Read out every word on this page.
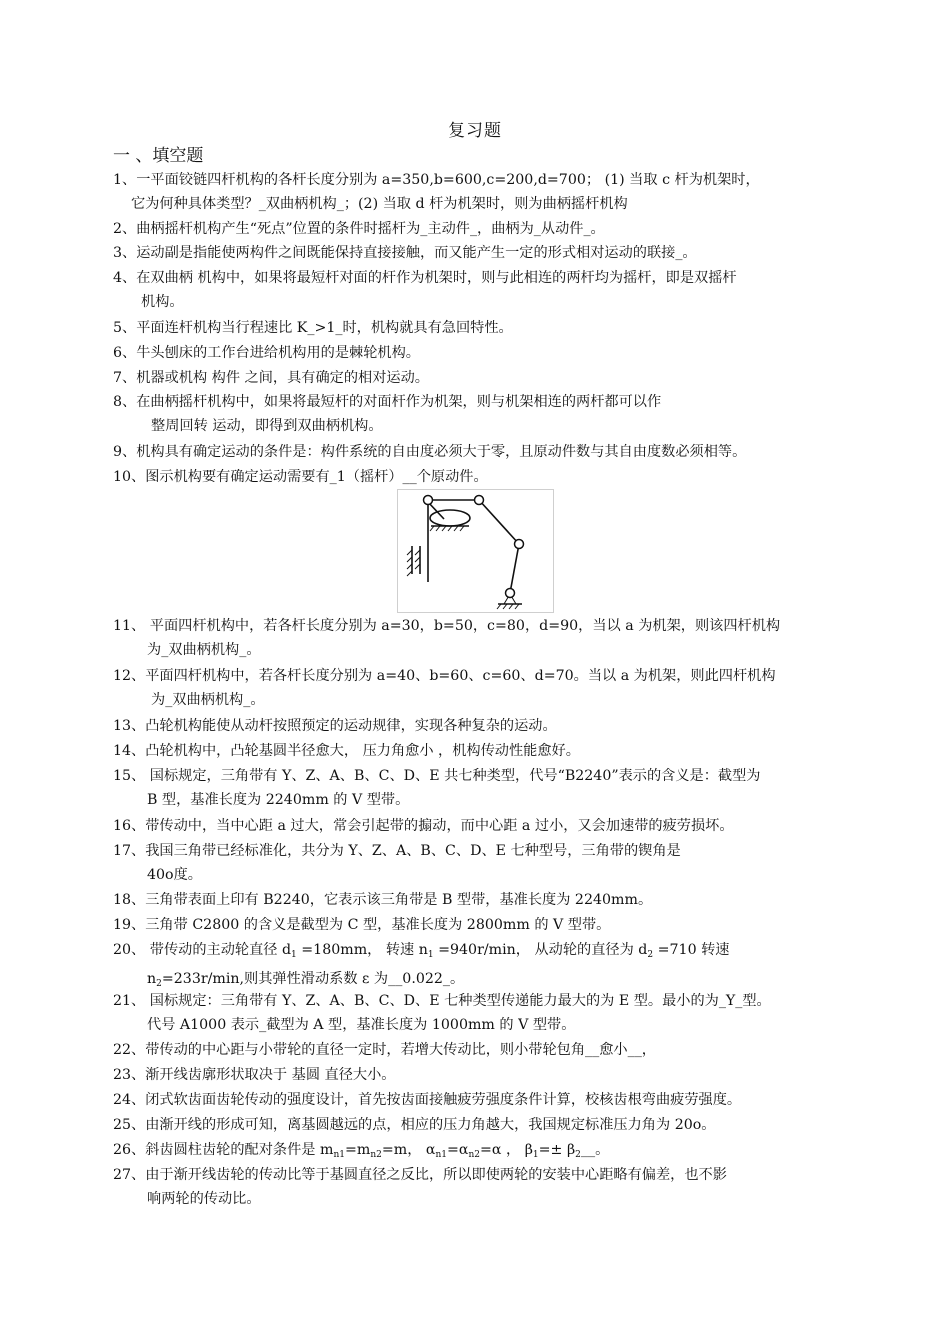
复习题
一 、填空题
1、一平面铰链四杆机构的各杆长度分别为 a=350,b=600,c=200,d=700； (1) 当取 c 杆为机架时，
它为何种具体类型？_双曲柄机构_；(2) 当取 d 杆为机架时，则为曲柄摇杆机构
2、曲柄摇杆机构产生“死点”位置的条件时摇杆为_主动件_，曲柄为_从动件_。
3、运动副是指能使两构件之间既能保持直接接触，而又能产生一定的形式相对运动的联接_。
4、在双曲柄 机构中，如果将最短杆对面的杆作为机架时，则与此相连的两杆均为摇杆，即是双摇杆
机构。
5、平面连杆机构当行程速比 K_>1_时，机构就具有急回特性。
6、牛头刨床的工作台进给机构用的是棘轮机构。
7、机器或机构 构件 之间，具有确定的相对运动。
8、在曲柄摇杆机构中，如果将最短杆的对面杆作为机架，则与机架相连的两杆都可以作
整周回转 运动，即得到双曲柄机构。
9、机构具有确定运动的条件是：构件系统的自由度必须大于零，且原动件数与其自由度数必须相等。
10、图示机构要有确定运动需要有_1（摇杆）__个原动件。
11、 平面四杆机构中，若各杆长度分别为 a=30，b=50，c=80，d=90，当以 a 为机架，则该四杆机构
为_双曲柄机构_。
12、平面四杆机构中，若各杆长度分别为 a=40、b=60、c=60、d=70。当以 a 为机架，则此四杆机构
为_双曲柄机构_。
13、凸轮机构能使从动杆按照预定的运动规律，实现各种复杂的运动。
14、凸轮机构中，凸轮基圆半径愈大， 压力角愈小 ，机构传动性能愈好。
15、 国标规定，三角带有 Y、Z、A、B、C、D、E 共七种类型，代号“B2240”表示的含义是：截型为
B 型，基准长度为 2240mm 的 V 型带。
16、带传动中，当中心距 a 过大，常会引起带的搧动，而中心距 a 过小，又会加速带的疲劳损坏。
17、我国三角带已经标准化，共分为 Y、Z、A、B、C、D、E 七种型号，三角带的锲角是
40o度。
18、三角带表面上印有 B2240，它表示该三角带是 B 型带，基准长度为 2240mm。
19、三角带 C2800 的含义是截型为 C 型，基准长度为 2800mm 的 V 型带。
20、 带传动的主动轮直径 $d_1 =180mm$， 转速 $n_1 =940r/\min$， 从动轮的直径为 $d_2 =710$ 转速
$n_2=233r/\min$,则其弹性滑动系数 ε 为__0.022_。
21、 国标规定：三角带有 Y、Z、A、B、C、D、E 七种类型传递能力最大的为 E 型。最小的为_Y_型。
代号 A1000 表示_截型为 A 型，基准长度为 1000mm 的 V 型带。
22、带传动的中心距与小带轮的直径一定时，若增大传动比，则小带轮包角__愈小__，
23、渐开线齿廓形状取决于 基圆 直径大小。
24、闭式软齿面齿轮传动的强度设计，首先按齿面接触疲劳强度条件计算，校核齿根弯曲疲劳强度。
25、由渐开线的形成可知，离基圆越远的点，相应的压力角越大，我国规定标准压力角为 20o。
26、斜齿圆柱齿轮的配对条件是 $m_{n1}=m_{n2}=m$， $\alpha_{n1}=\alpha_{n2}=\alpha$ ， $\beta_1=\pm$ $\beta_2\_\_$。
27、由于渐开线齿轮的传动比等于基圆直径之反比，所以即使两轮的安装中心距略有偏差，也不影
响两轮的传动比。
